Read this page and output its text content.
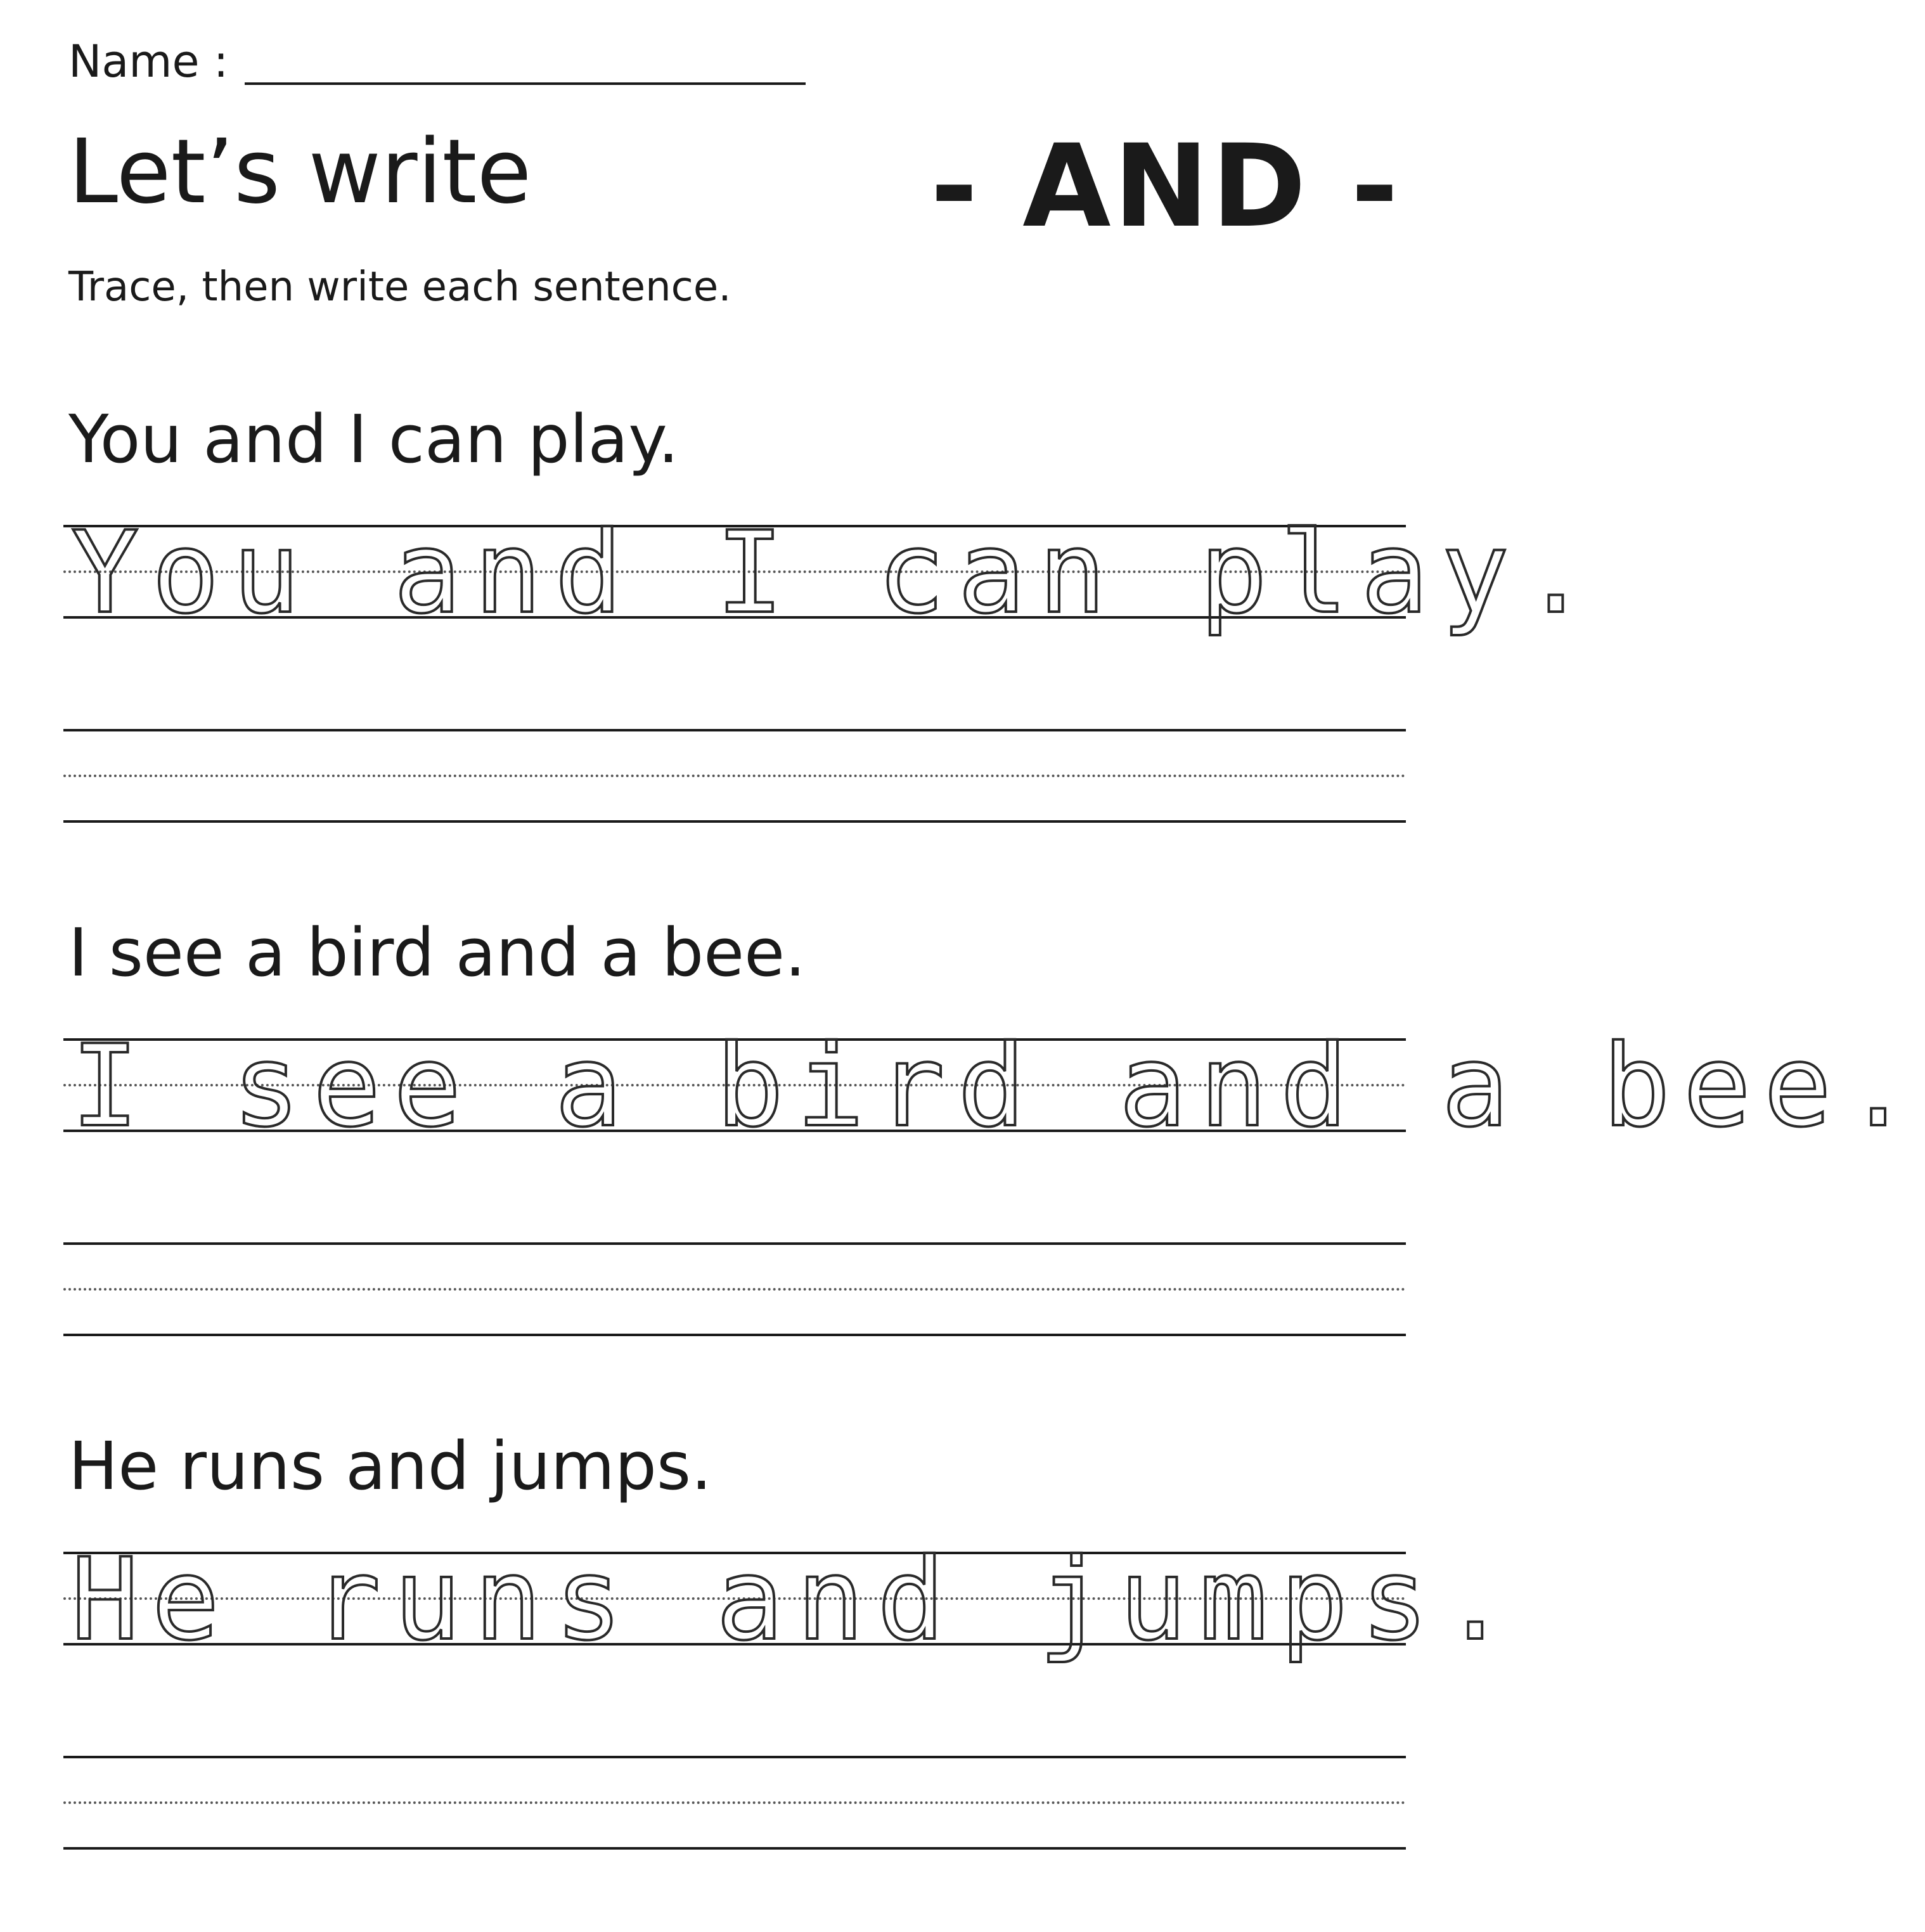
Name :
Let’s write	- AND -
Trace, then write each sentence.
You and I can play.
You and I can play.
I see a bird and a bee.
I see a bird and a bee.
He runs and jumps.
He runs and jumps.
